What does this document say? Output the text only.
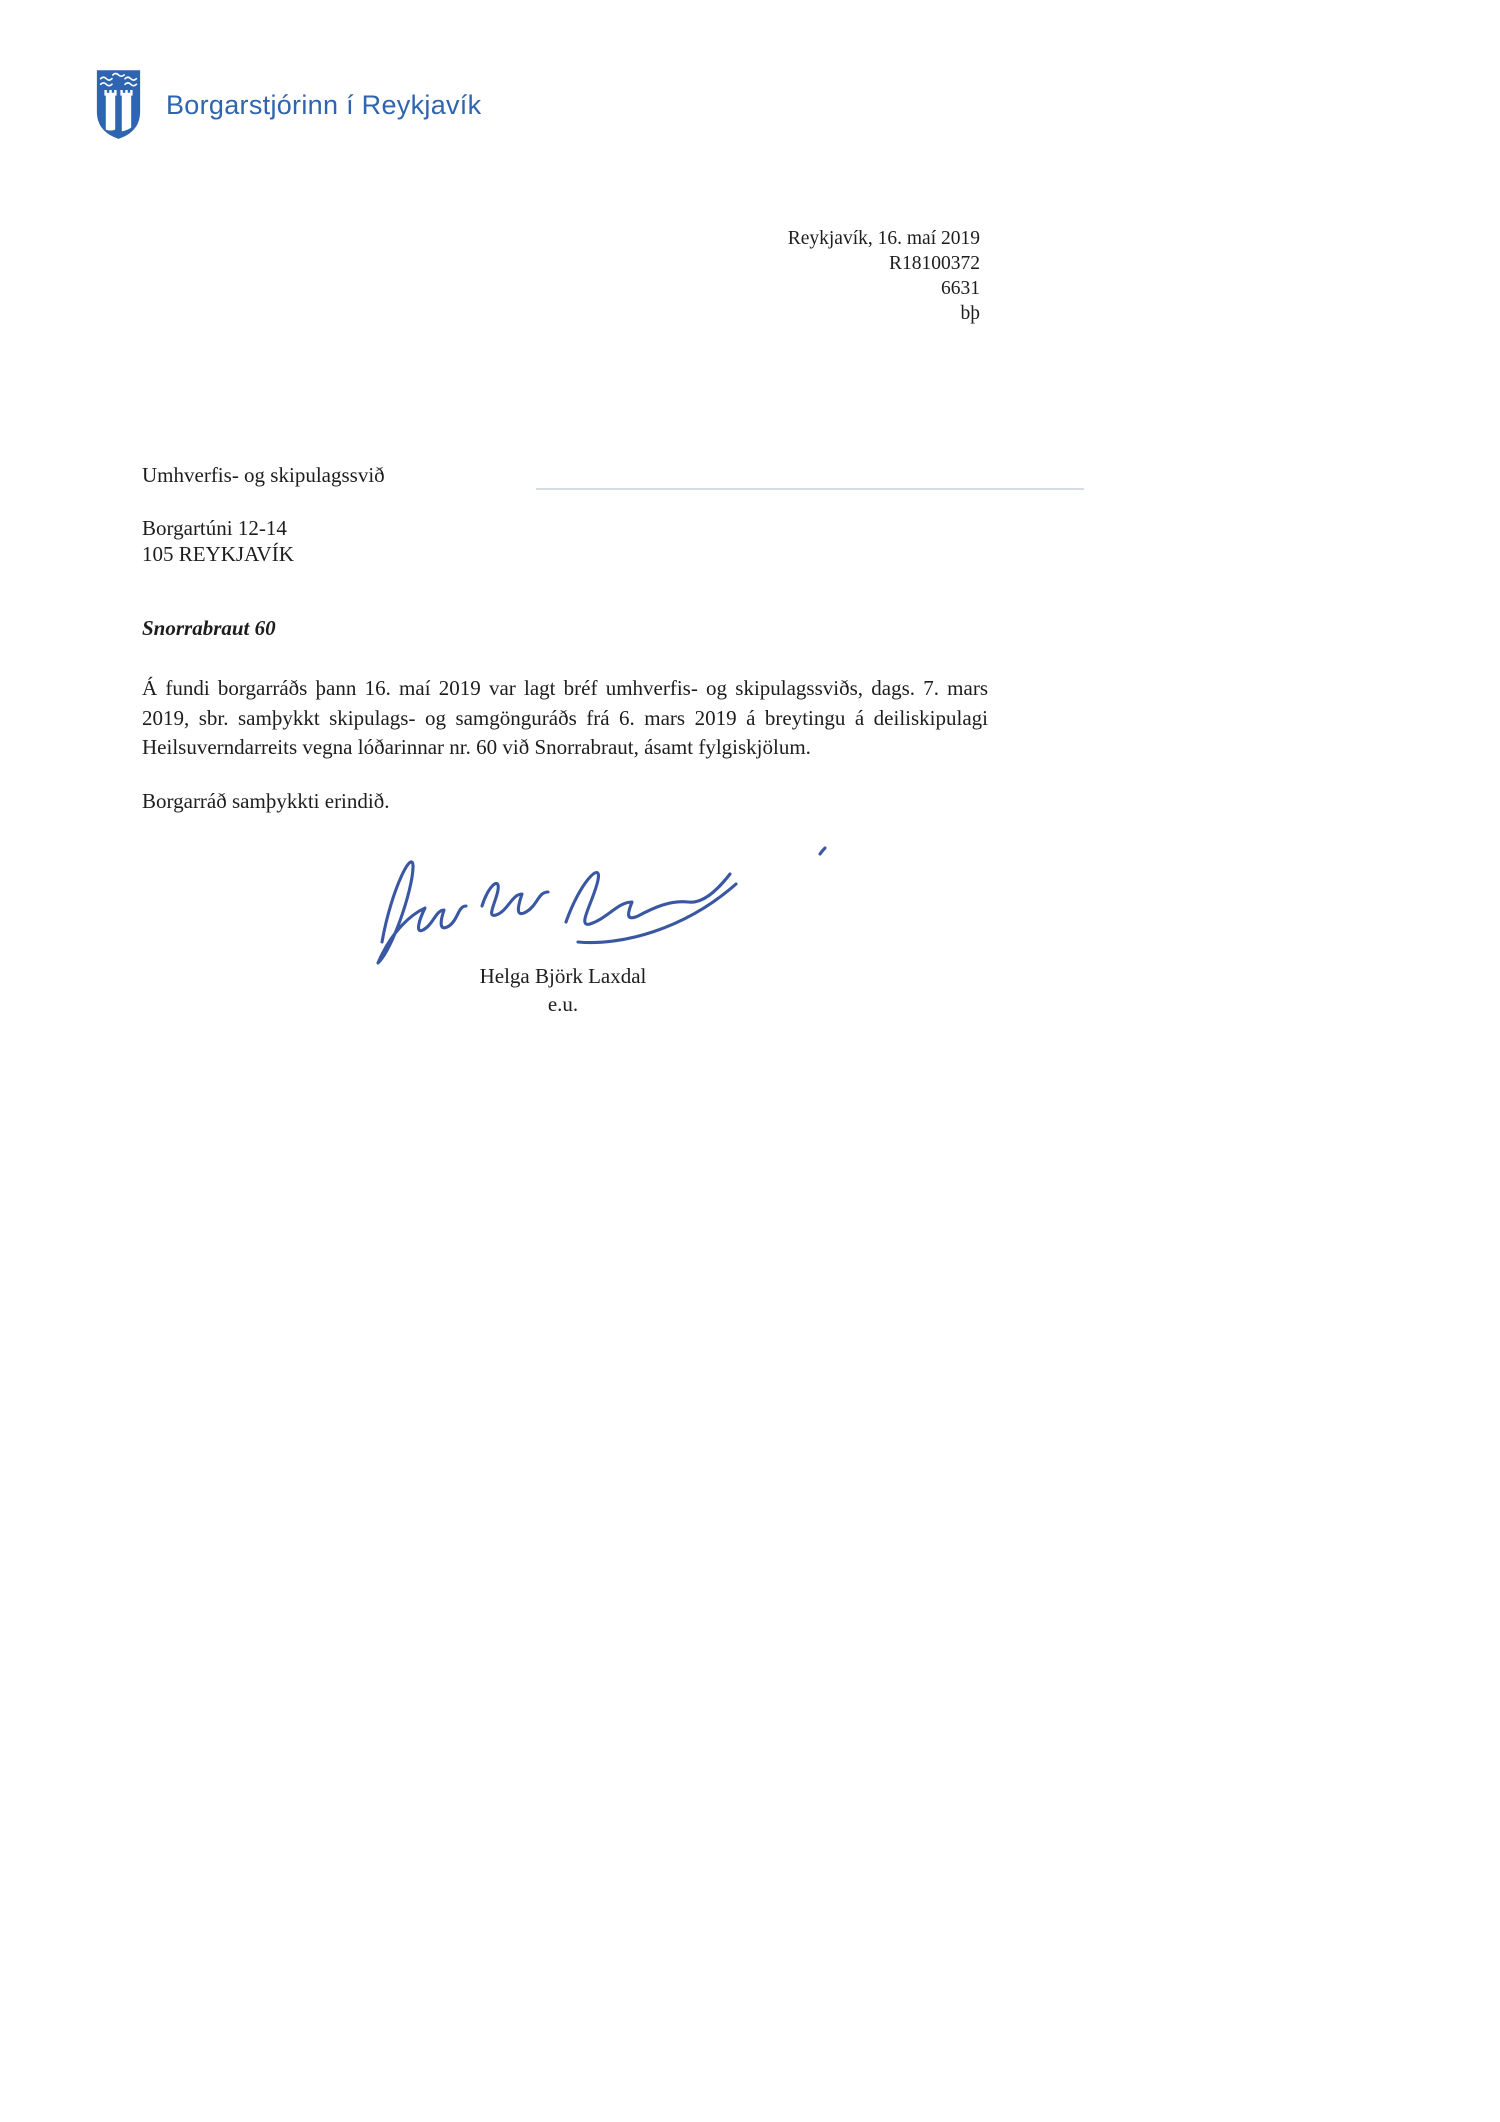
Borgarstjórinn í Reykjavík
Reykjavík, 16. maí 2019
R18100372
6631
bþ
Umhverfis- og skipulagssvið
Borgartúni 12-14
105 REYKJAVÍK
Snorrabraut 60
Á fundi borgarráðs þann 16. maí 2019 var lagt bréf umhverfis- og skipulagssviðs, dags. 7. mars 2019, sbr. samþykkt skipulags- og samgönguráðs frá 6. mars 2019 á breytingu á deiliskipulagi Heilsuverndarreits vegna lóðarinnar nr. 60 við Snorrabraut, ásamt fylgiskjölum.
Borgarráð samþykkti erindið.
Helga Björk Laxdal
e.u.
